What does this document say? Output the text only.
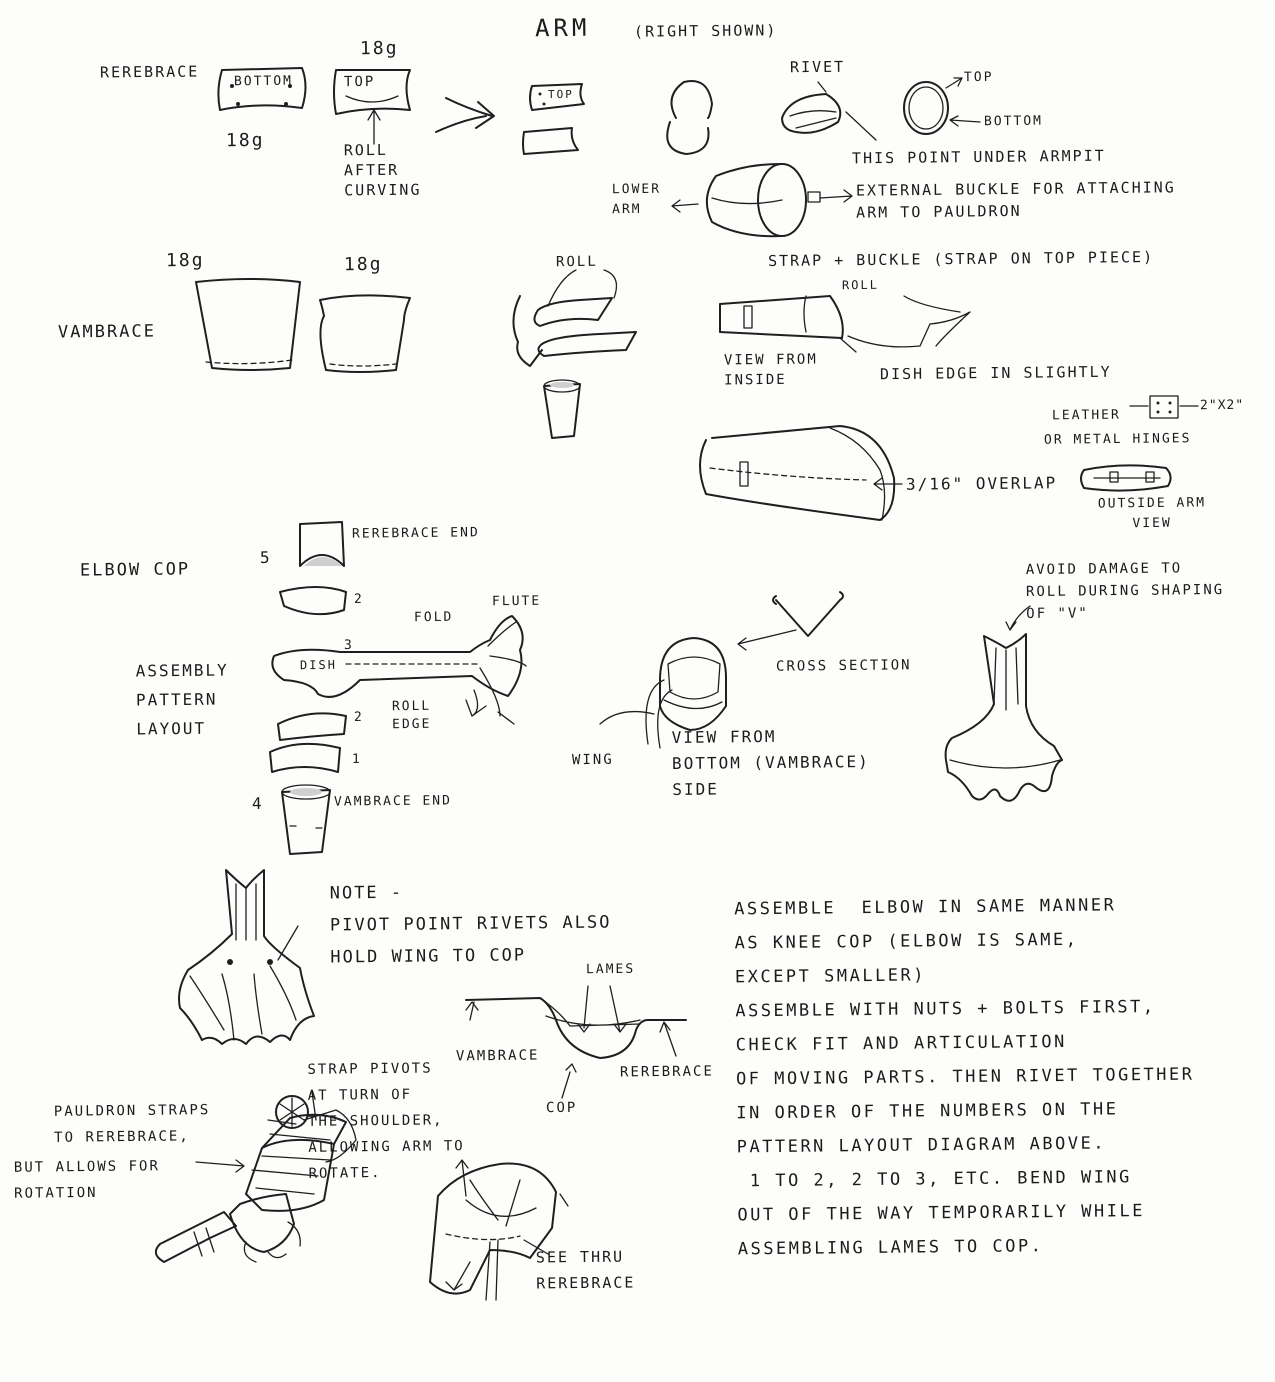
ARM	(RIGHT SHOWN)
REREBRACE	BOTTOM	TOP
18g
18g	ROLL
AFTER
CURVING
TOP
RIVET
TOP
BOTTOM
THIS POINT UNDER ARMPIT
LOWER
ARM
EXTERNAL BUCKLE FOR ATTACHING
ARM TO PAULDRON
18g	18g
VAMBRACE
ROLL	STRAP + BUCKLE (STRAP ON TOP PIECE)
ROLL
VIEW FROM
INSIDE	DISH EDGE IN SLIGHTLY
LEATHER
2"X2"
OR METAL HINGES
3/16" OVERLAP
OUTSIDE ARM
VIEW
ELBOW COP
REREBRACE END
5
2
3
2
1
4	VAMBRACE END
ASSEMBLY
PATTERN
LAYOUT
DISH
FOLD
FLUTE
ROLL
EDGE
CROSS SECTION
VIEW FROM
BOTTOM (VAMBRACE)
SIDE
WING
AVOID DAMAGE TO
ROLL DURING SHAPING
OF "V"
NOTE -
PIVOT POINT RIVETS ALSO
HOLD WING TO COP
LAMES
VAMBRACE
REREBRACE
COP
PAULDRON STRAPS
TO REREBRACE,
BUT ALLOWS FOR
ROTATION
STRAP PIVOTS
AT TURN OF
THE SHOULDER,
ALLOWING ARM TO
ROTATE.
SEE THRU
REREBRACE
ASSEMBLE  ELBOW IN SAME MANNER
AS KNEE COP (ELBOW IS SAME,
EXCEPT SMALLER)
ASSEMBLE WITH NUTS + BOLTS FIRST,
CHECK FIT AND ARTICULATION
OF MOVING PARTS. THEN RIVET TOGETHER
IN ORDER OF THE NUMBERS ON THE
PATTERN LAYOUT DIAGRAM ABOVE.
1 TO 2, 2 TO 3, ETC. BEND WING
OUT OF THE WAY TEMPORARILY WHILE
ASSEMBLING LAMES TO COP.
